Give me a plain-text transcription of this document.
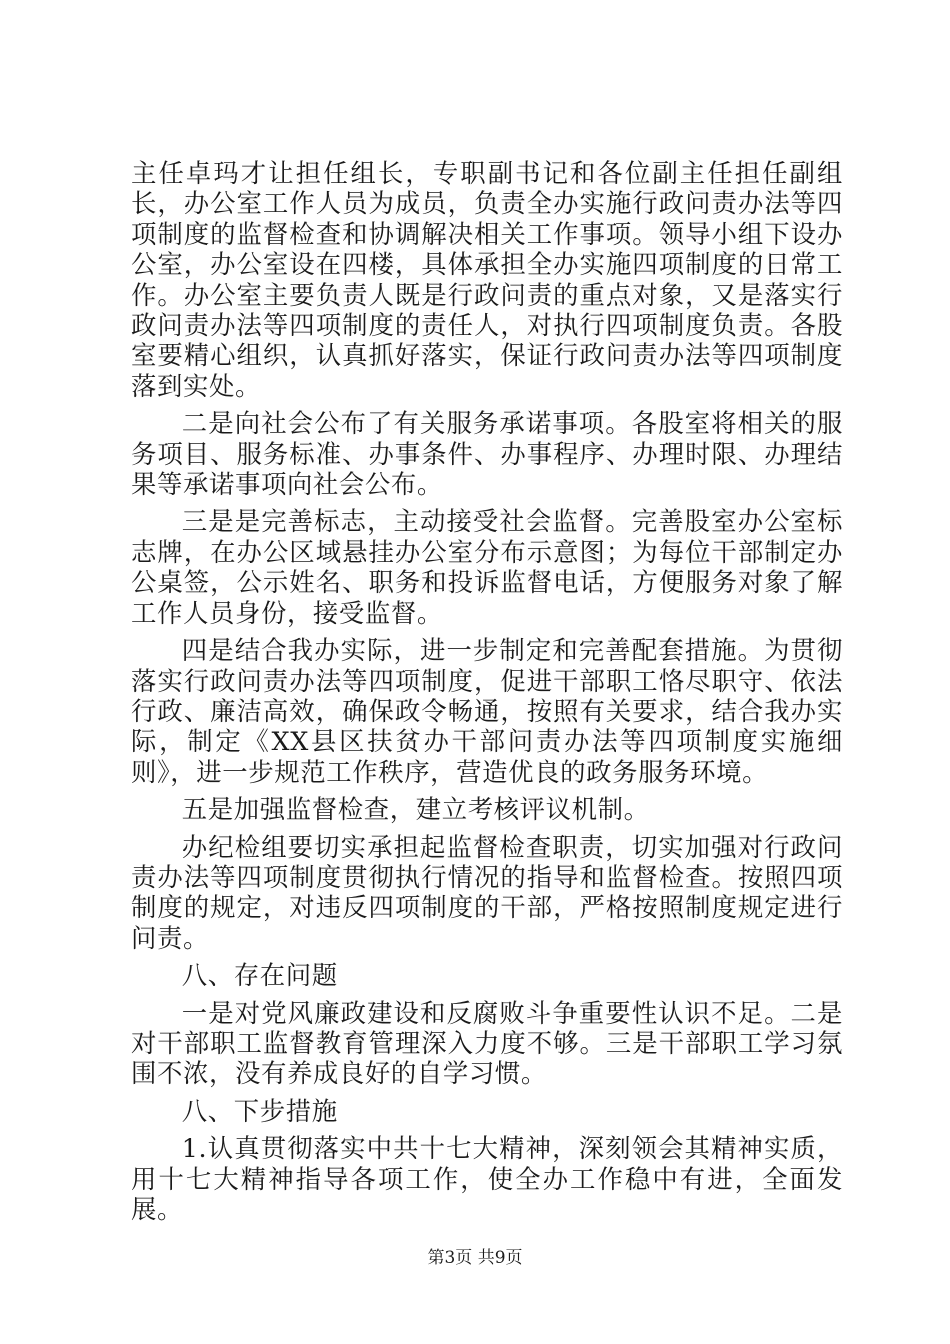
主任卓玛才让担任组长，专职副书记和各位副主任担任副组长，办公室工作人员为成员，负责全办实施行政问责办法等四项制度的监督检查和协调解决相关工作事项。领导小组下设办公室，办公室设在四楼，具体承担全办实施四项制度的日常工作。办公室主要负责人既是行政问责的重点对象，又是落实行政问责办法等四项制度的责任人，对执行四项制度负责。各股室要精心组织，认真抓好落实，保证行政问责办法等四项制度落到实处。

二是向社会公布了有关服务承诺事项。各股室将相关的服务项目、服务标准、办事条件、办事程序、办理时限、办理结果等承诺事项向社会公布。

三是是完善标志，主动接受社会监督。完善股室办公室标志牌，在办公区域悬挂办公室分布示意图；为每位干部制定办公桌签，公示姓名、职务和投诉监督电话，方便服务对象了解工作人员身份，接受监督。

四是结合我办实际，进一步制定和完善配套措施。为贯彻落实行政问责办法等四项制度，促进干部职工恪尽职守、依法行政、廉洁高效，确保政令畅通，按照有关要求，结合我办实际，制定《XX县区扶贫办干部问责办法等四项制度实施细则》，进一步规范工作秩序，营造优良的政务服务环境。

五是加强监督检查，建立考核评议机制。

办纪检组要切实承担起监督检查职责，切实加强对行政问责办法等四项制度贯彻执行情况的指导和监督检查。按照四项制度的规定，对违反四项制度的干部，严格按照制度规定进行问责。

八、存在问题

一是对党风廉政建设和反腐败斗争重要性认识不足。二是对干部职工监督教育管理深入力度不够。三是干部职工学习氛围不浓，没有养成良好的自学习惯。

八、下步措施

1.认真贯彻落实中共十七大精神，深刻领会其精神实质，用十七大精神指导各项工作，使全办工作稳中有进，全面发展。

第3页 共9页
